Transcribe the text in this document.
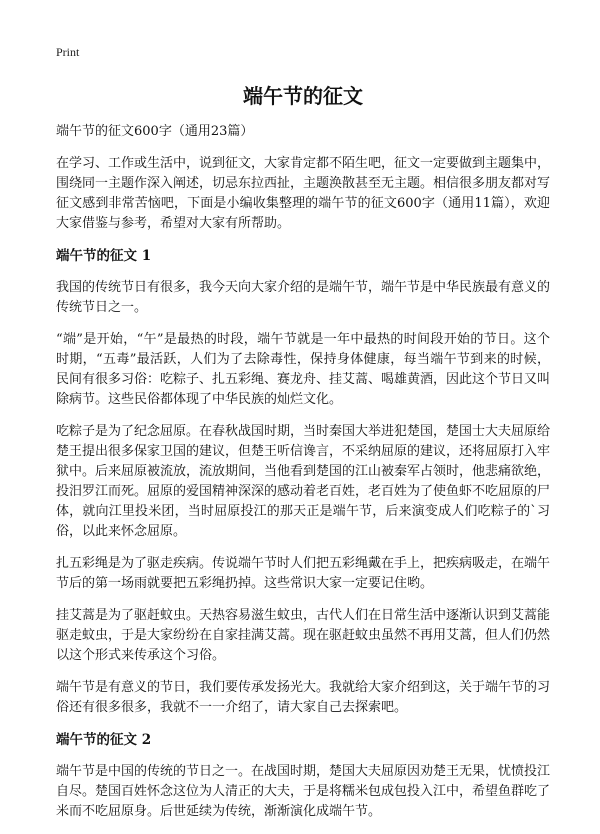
Print
端午节的征文
端午节的征文600字（通用23篇）

在学习、工作或生活中，说到征文，大家肯定都不陌生吧，征文一定要做到主题集中，围绕同一主题作深入阐述，切忌东拉西扯，主题涣散甚至无主题。相信很多朋友都对写征文感到非常苦恼吧，下面是小编收集整理的端午节的征文600字（通用11篇），欢迎大家借鉴与参考，希望对大家有所帮助。

端午节的征文 1

我国的传统节日有很多，我今天向大家介绍的是端午节，端午节是中华民族最有意义的传统节日之一。

“端”是开始，“午”是最热的时段，端午节就是一年中最热的时间段开始的节日。这个时期，“五毒”最活跃，人们为了去除毒性，保持身体健康，每当端午节到来的时候，民间有很多习俗：吃粽子、扎五彩绳、赛龙舟、挂艾蒿、喝雄黄酒，因此这个节日又叫除病节。这些民俗都体现了中华民族的灿烂文化。

吃粽子是为了纪念屈原。在春秋战国时期，当时秦国大举进犯楚国，楚国士大夫屈原给楚王提出很多保家卫国的建议，但楚王听信谗言，不采纳屈原的建议，还将屈原打入牢狱中。后来屈原被流放，流放期间，当他看到楚国的江山被秦军占领时，他悲痛欲绝，投汨罗江而死。屈原的爱国精神深深的感动着老百姓，老百姓为了使鱼虾不吃屈原的尸体，就向江里投米团，当时屈原投江的那天正是端午节，后来演变成人们吃粽子的`习俗，以此来怀念屈原。

扎五彩绳是为了驱走疾病。传说端午节时人们把五彩绳戴在手上，把疾病吸走，在端午节后的第一场雨就要把五彩绳扔掉。这些常识大家一定要记住哟。

挂艾蒿是为了驱赶蚊虫。天热容易滋生蚊虫，古代人们在日常生活中逐渐认识到艾蒿能驱走蚊虫，于是大家纷纷在自家挂满艾蒿。现在驱赶蚊虫虽然不再用艾蒿，但人们仍然以这个形式来传承这个习俗。

端午节是有意义的节日，我们要传承发扬光大。我就给大家介绍到这，关于端午节的习俗还有很多很多，我就不一一介绍了，请大家自己去探索吧。

端午节的征文 2

端午节是中国的传统的节日之一。在战国时期，楚国大夫屈原因劝楚王无果，忧愤投江自尽。楚国百姓怀念这位为人清正的大夫，于是将糯米包成包投入江中，希望鱼群吃了米而不吃屈原身。后世延续为传统，渐渐演化成端午节。
